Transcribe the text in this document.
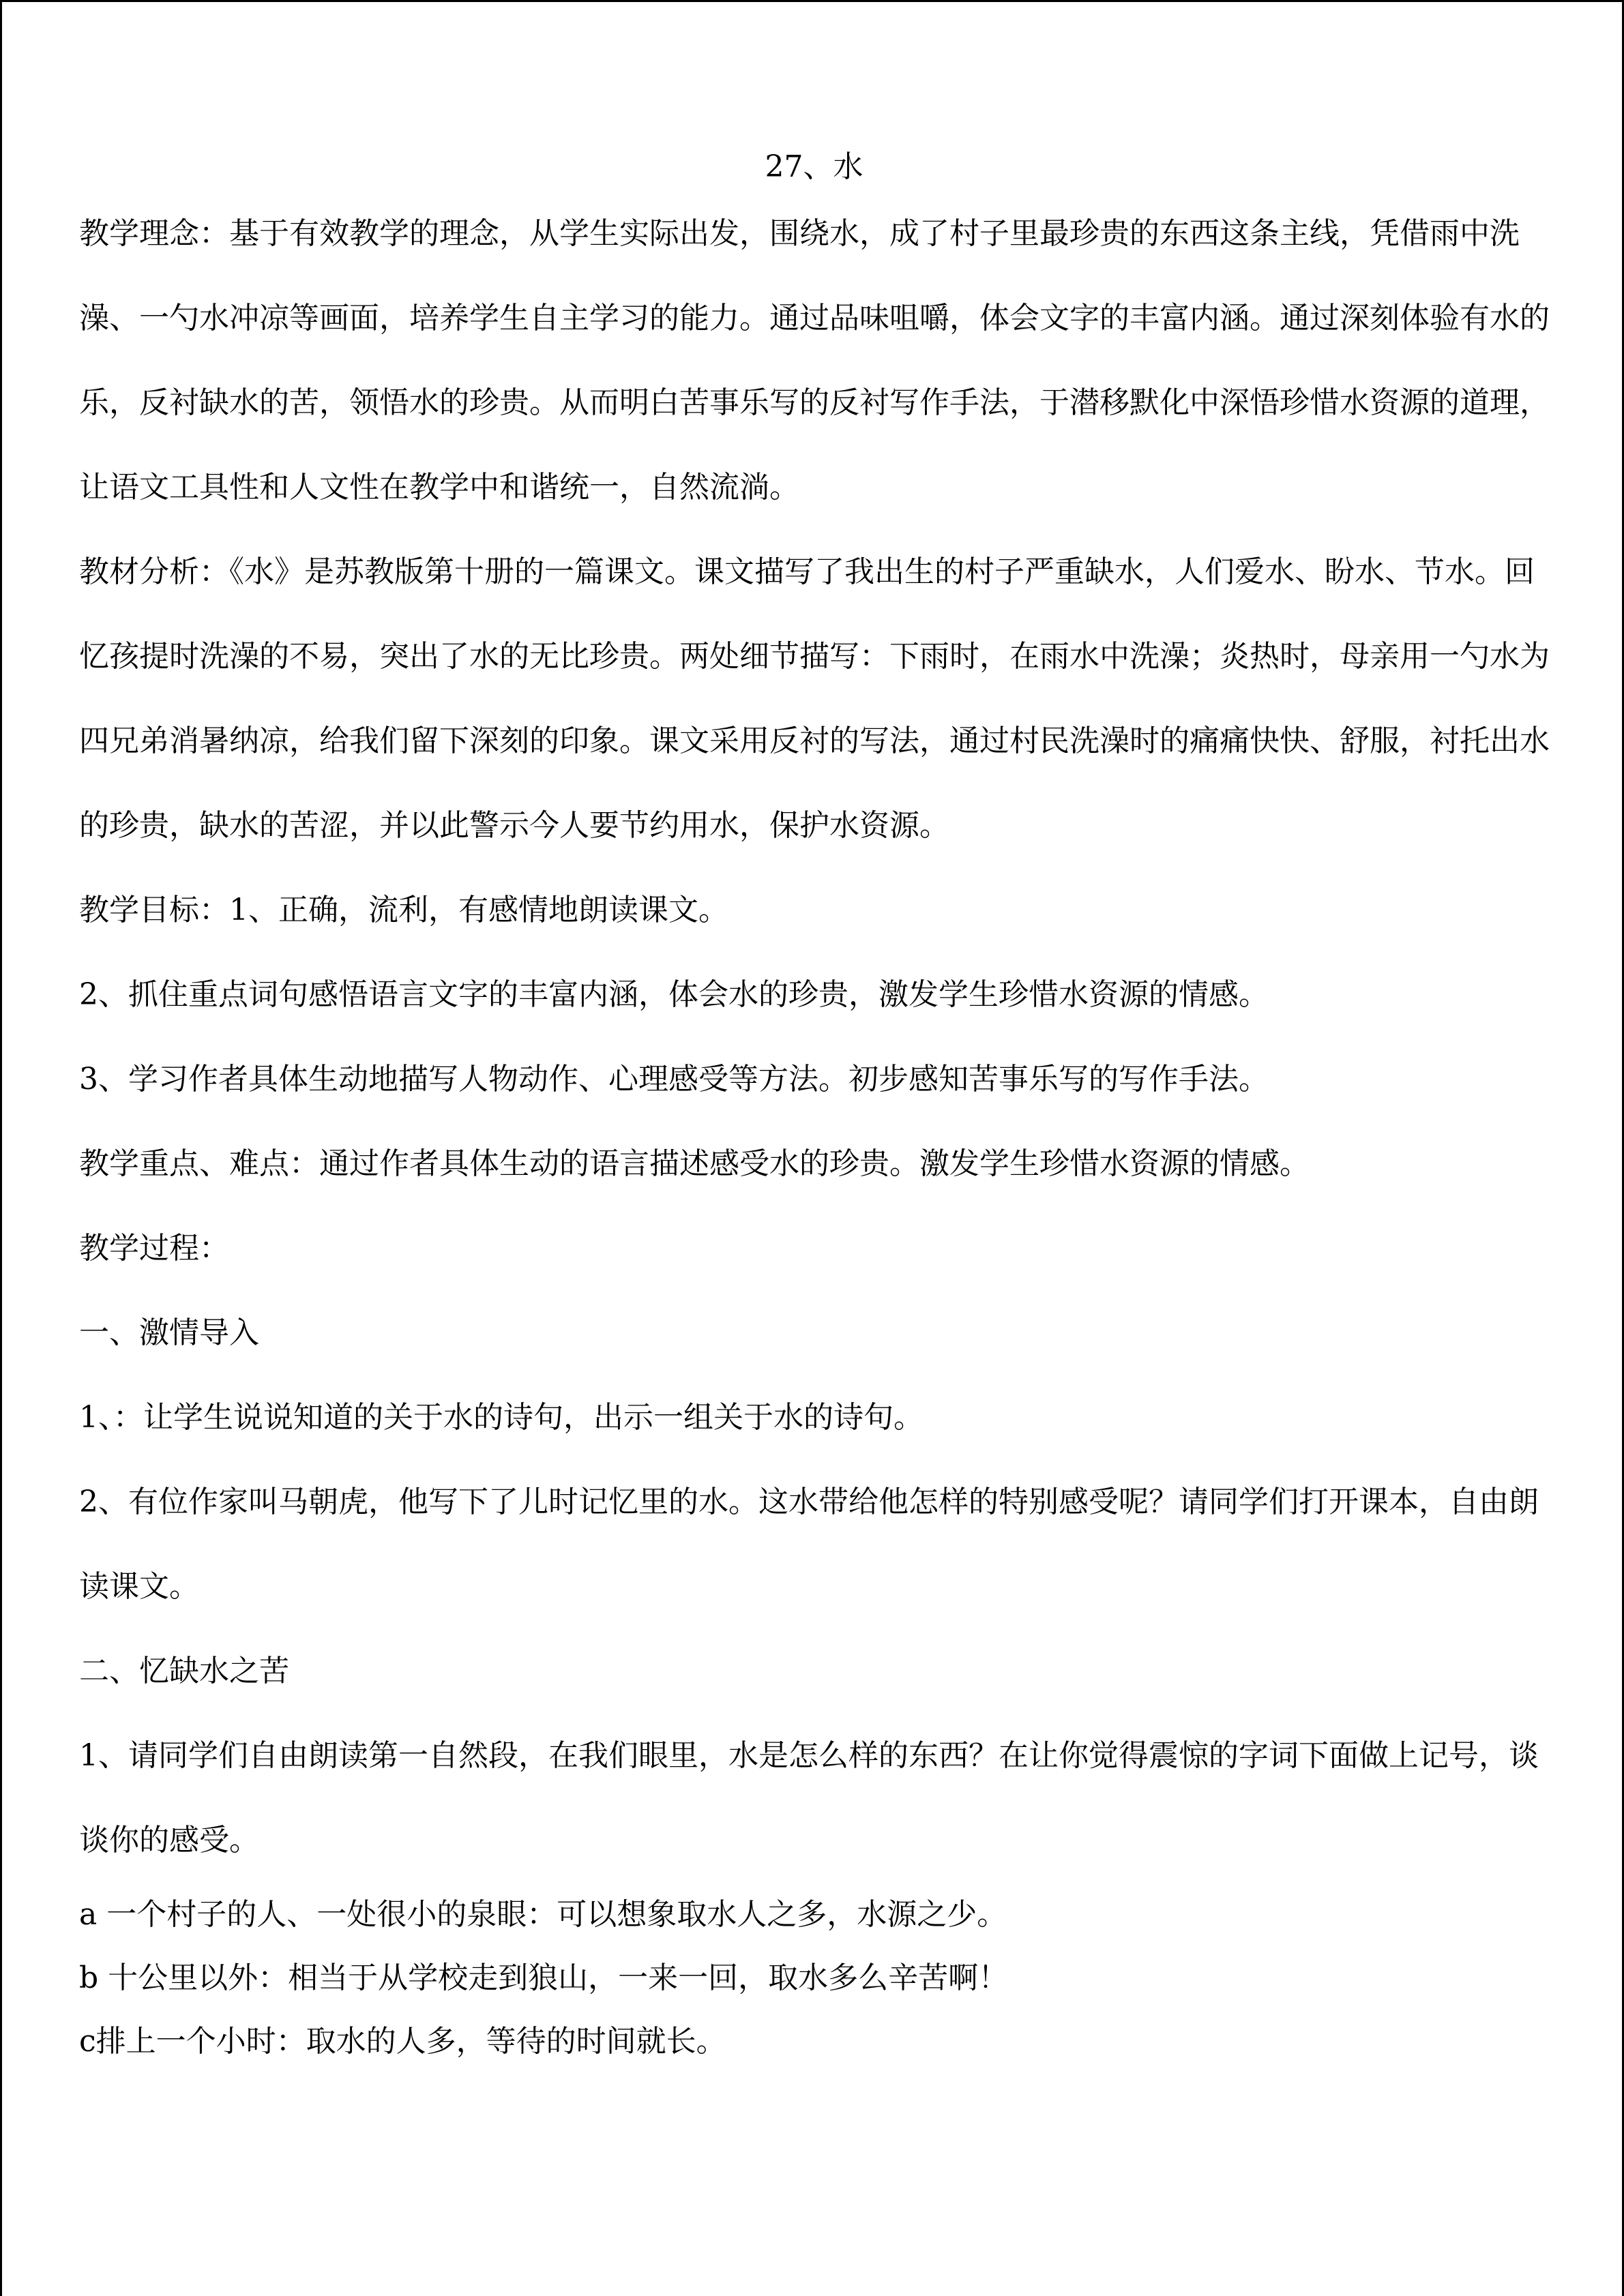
27、水

教学理念：基于有效教学的理念，从学生实际出发，围绕水，成了村子里最珍贵的东西这条主线，凭借雨中洗澡、一勺水冲凉等画面，培养学生自主学习的能力。通过品味咀嚼，体会文字的丰富内涵。通过深刻体验有水的乐，反衬缺水的苦，领悟水的珍贵。从而明白苦事乐写的反衬写作手法，于潜移默化中深悟珍惜水资源的道理，让语文工具性和人文性在教学中和谐统一，自然流淌。

教材分析：《水》是苏教版第十册的一篇课文。课文描写了我出生的村子严重缺水，人们爱水、盼水、节水。回忆孩提时洗澡的不易，突出了水的无比珍贵。两处细节描写：下雨时，在雨水中洗澡；炎热时，母亲用一勺水为四兄弟消暑纳凉，给我们留下深刻的印象。课文采用反衬的写法，通过村民洗澡时的痛痛快快、舒服，衬托出水的珍贵，缺水的苦涩，并以此警示今人要节约用水，保护水资源。

教学目标：1、正确，流利，有感情地朗读课文。

2、抓住重点词句感悟语言文字的丰富内涵，体会水的珍贵，激发学生珍惜水资源的情感。

3、学习作者具体生动地描写人物动作、心理感受等方法。初步感知苦事乐写的写作手法。

教学重点、难点：通过作者具体生动的语言描述感受水的珍贵。激发学生珍惜水资源的情感。

教学过程：

一、激情导入

1、：让学生说说知道的关于水的诗句，出示一组关于水的诗句。

2、有位作家叫马朝虎，他写下了儿时记忆里的水。这水带给他怎样的特别感受呢？请同学们打开课本，自由朗读课文。

二、忆缺水之苦

1、请同学们自由朗读第一自然段，在我们眼里，水是怎么样的东西？在让你觉得震惊的字词下面做上记号，谈谈你的感受。

a 一个村子的人、一处很小的泉眼：可以想象取水人之多，水源之少。

b 十公里以外：相当于从学校走到狼山，一来一回，取水多么辛苦啊！

c排上一个小时：取水的人多，等待的时间就长。
